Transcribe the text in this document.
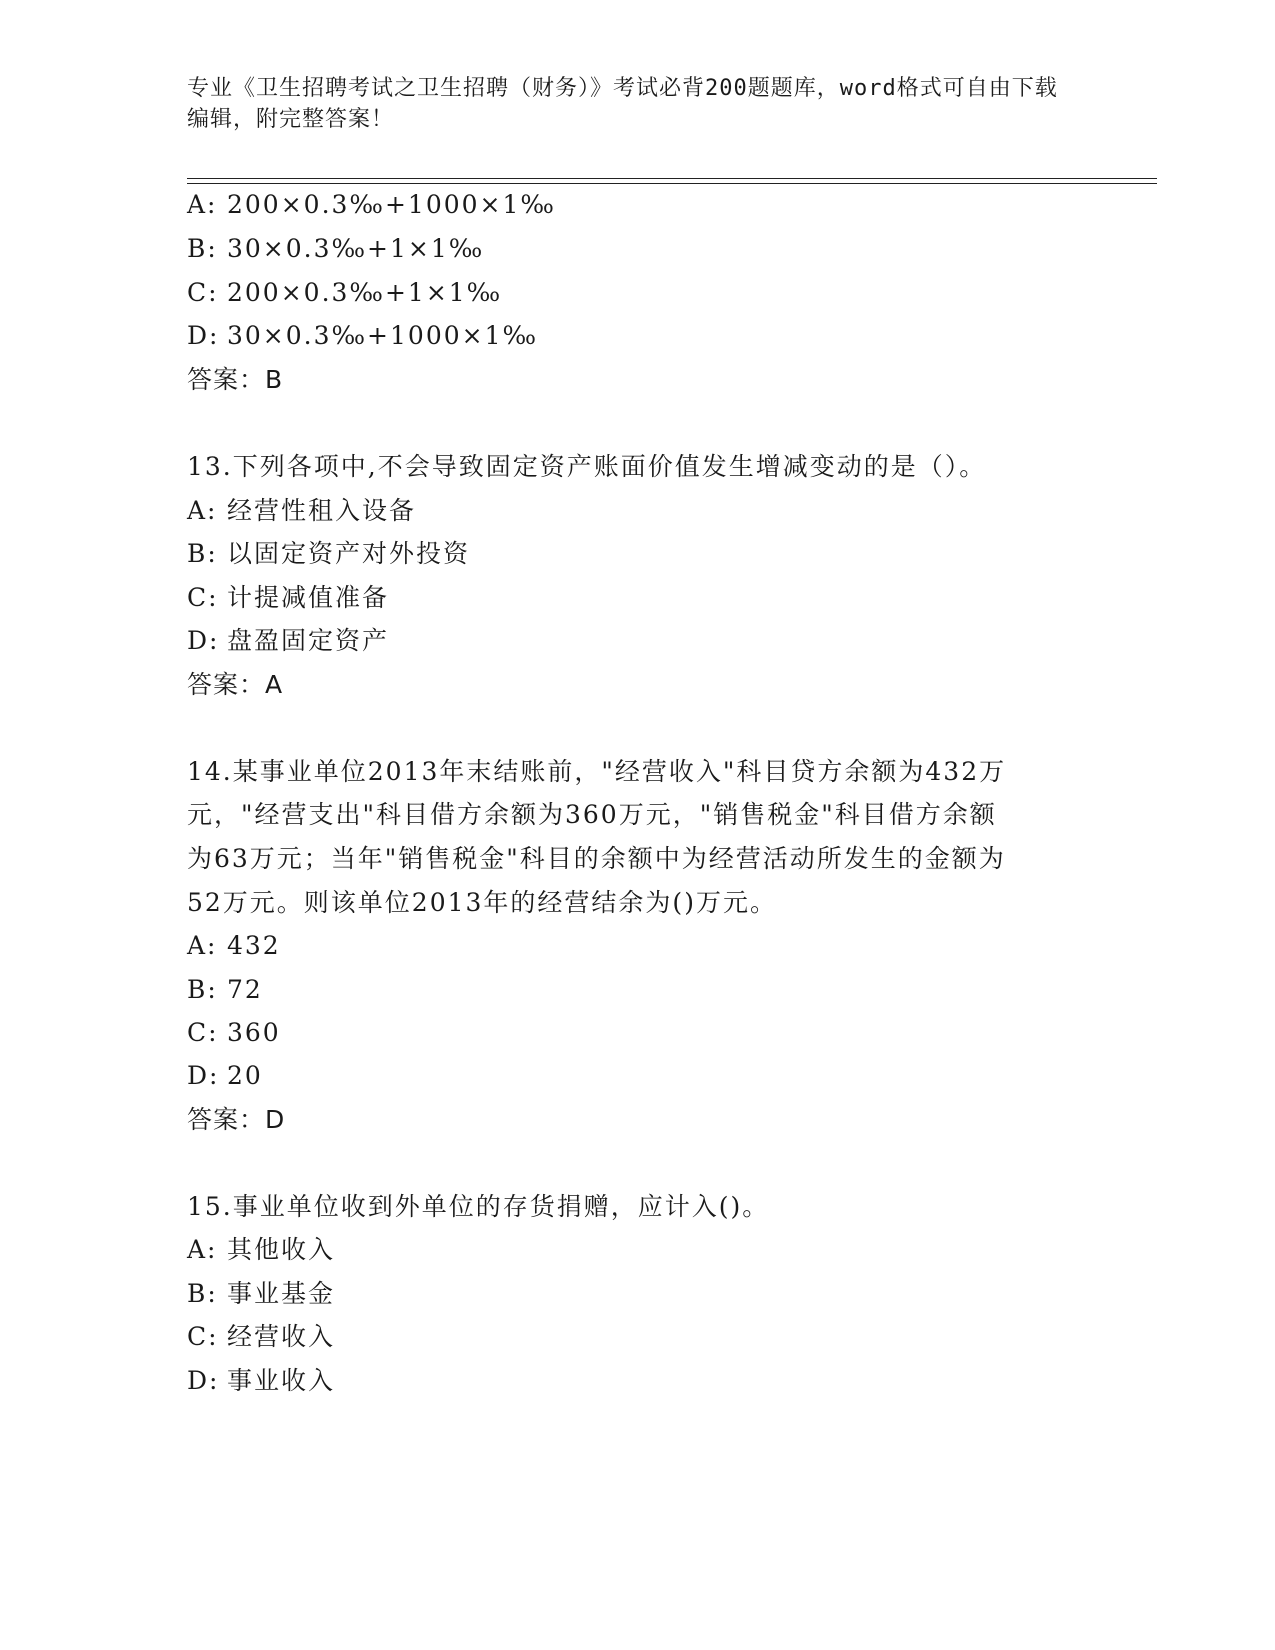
专业《卫生招聘考试之卫生招聘（财务）》考试必背200题题库，word格式可自由下载编辑，附完整答案！

A: 200×0.3‰+1000×1‰
B: 30×0.3‰+1×1‰
C: 200×0.3‰+1×1‰
D: 30×0.3‰+1000×1‰
答案：B
13.下列各项中,不会导致固定资产账面价值发生增减变动的是（）。
A: 经营性租入设备
B: 以固定资产对外投资
C: 计提减值准备
D: 盘盈固定资产
答案：A
14.某事业单位2013年末结账前，"经营收入"科目贷方余额为432万
元，"经营支出"科目借方余额为360万元，"销售税金"科目借方余额
为63万元；当年"销售税金"科目的余额中为经营活动所发生的金额为
52万元。则该单位2013年的经营结余为()万元。
A: 432
B: 72
C: 360
D: 20
答案：D
15.事业单位收到外单位的存货捐赠，应计入()。
A: 其他收入
B: 事业基金
C: 经营收入
D: 事业收入
